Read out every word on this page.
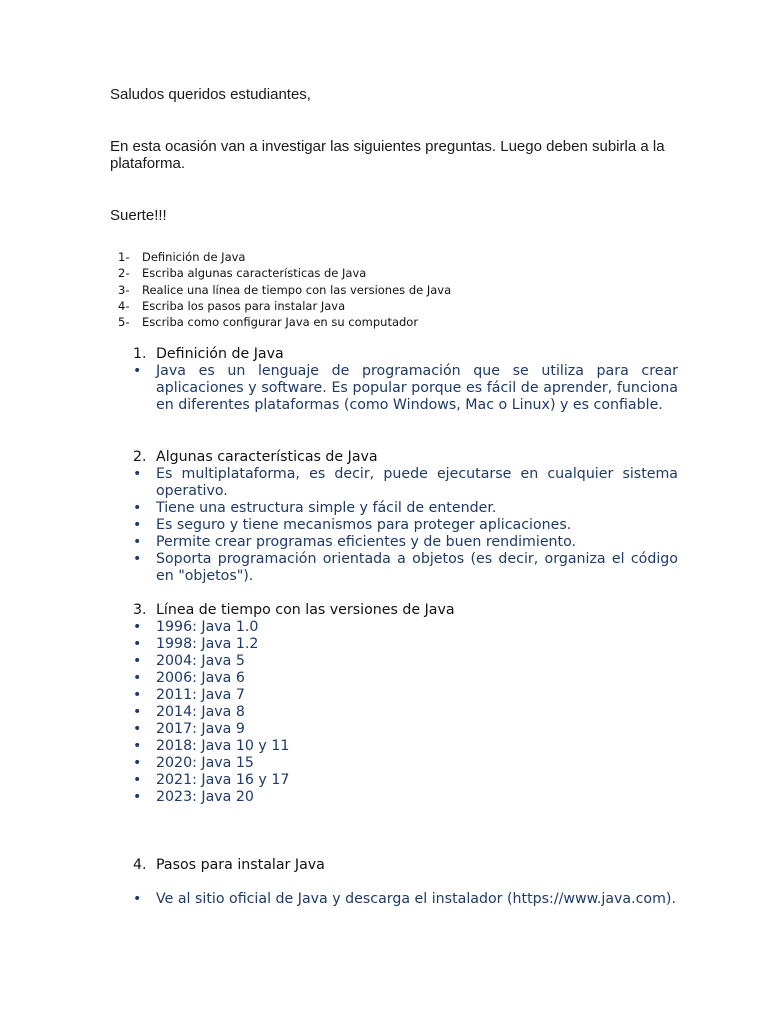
Saludos queridos estudiantes,

En esta ocasión van a investigar las siguientes preguntas. Luego deben subirla a la plataforma.

Suerte!!!

1-	Definición de Java
2-	Escriba algunas características de Java
3-	Realice una línea de tiempo con las versiones de Java
4-	Escriba los pasos para instalar Java
5-	Escriba como configurar Java en su computador
1. Definición de Java
•	Java es un lenguaje de programación que se utiliza para crear aplicaciones y software. Es popular porque es fácil de aprender, funciona en diferentes plataformas (como Windows, Mac o Linux) y es confiable.
2. Algunas características de Java
•	Es multiplataforma, es decir, puede ejecutarse en cualquier sistema operativo.
•	Tiene una estructura simple y fácil de entender.
•	Es seguro y tiene mecanismos para proteger aplicaciones.
•	Permite crear programas eficientes y de buen rendimiento.
•	Soporta programación orientada a objetos (es decir, organiza el código en "objetos").
3. Línea de tiempo con las versiones de Java
•	1996: Java 1.0
•	1998: Java 1.2
•	2004: Java 5
•	2006: Java 6
•	2011: Java 7
•	2014: Java 8
•	2017: Java 9
•	2018: Java 10 y 11
•	2020: Java 15
•	2021: Java 16 y 17
•	2023: Java 20
4. Pasos para instalar Java
•	Ve al sitio oficial de Java y descarga el instalador (https://www.java.com).
